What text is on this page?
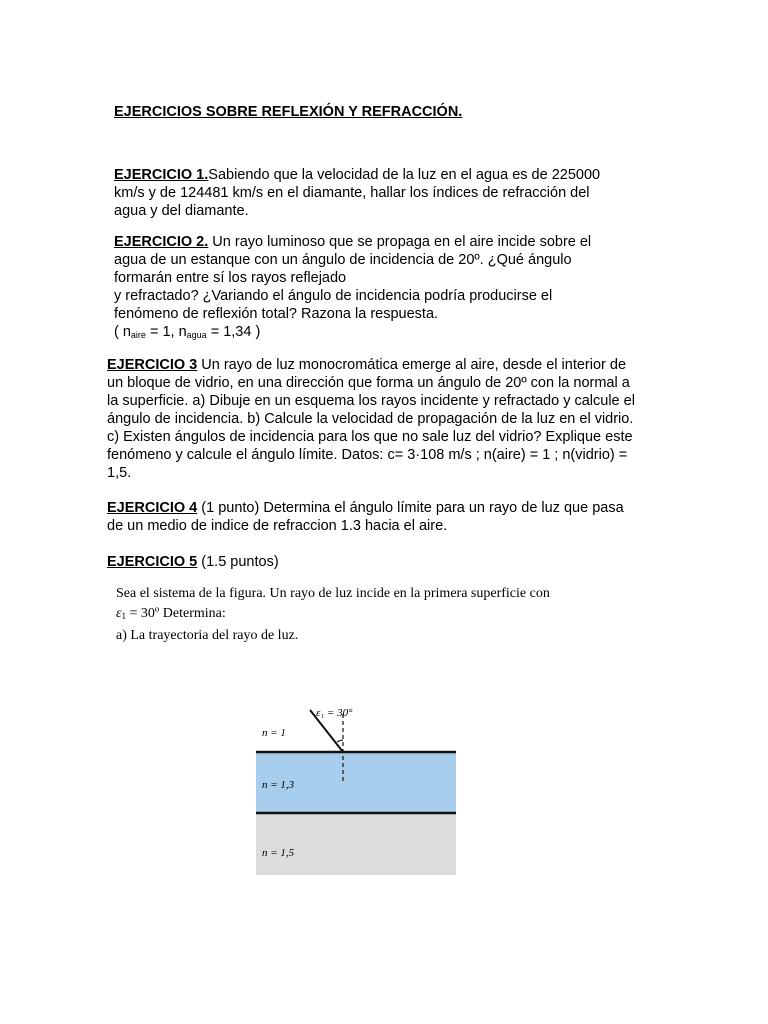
EJERCICIOS SOBRE REFLEXIÓN Y REFRACCIÓN.
EJERCICIO 1.Sabiendo que la velocidad de la luz en el agua es de 225000
km/s y de 124481 km/s en el diamante, hallar los índices de refracción del
agua y del diamante.
EJERCICIO 2. Un rayo luminoso que se propaga en el aire incide sobre el
agua de un estanque con un ángulo de incidencia de 20º. ¿Qué ángulo
formarán entre sí los rayos reflejado
y refractado? ¿Variando el ángulo de incidencia podría producirse el
fenómeno de reflexión total? Razona la respuesta.
( $n_{aire} = 1$, $n_{agua} = 1,34$ )
EJERCICIO 3 Un rayo de luz monocromática emerge al aire, desde el interior de
un bloque de vidrio, en una dirección que forma un ángulo de 20º con la normal a
la superficie. a) Dibuje en un esquema los rayos incidente y refractado y calcule el
ángulo de incidencia. b) Calcule la velocidad de propagación de la luz en el vidrio.
c) Existen ángulos de incidencia para los que no sale luz del vidrio? Explique este
fenómeno y calcule el ángulo límite. Datos: c= 3·108 m/s ; n(aire) = 1 ; n(vidrio) =
1,5.
EJERCICIO 4 (1 punto) Determina el ángulo límite para un rayo de luz que pasa
de un medio de indice de refraccion 1.3 hacia el aire.
EJERCICIO 5 (1.5 puntos)
Sea el sistema de la figura. Un rayo de luz incide en la primera superficie con
$\varepsilon_1$ = 30º Determina:
a) La trayectoria del rayo de luz.
ε₁ = 30°
n = 1
n = 1,3
n = 1,5
